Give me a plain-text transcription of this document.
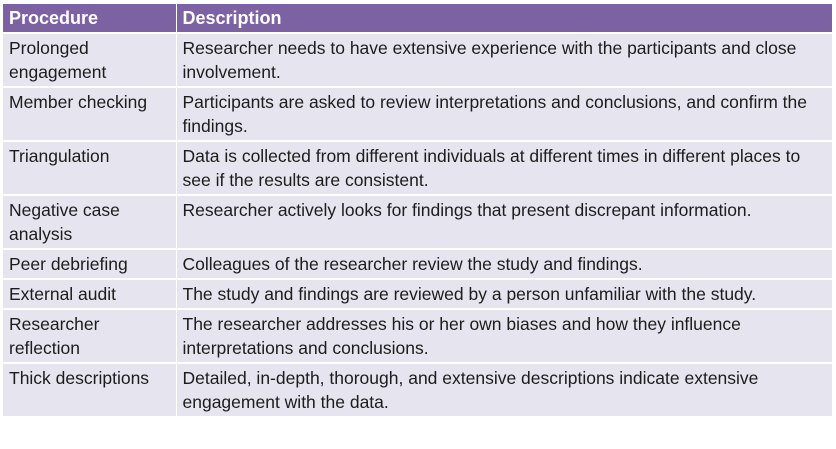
Procedure	Description
Prolonged engagement	Researcher needs to have extensive experience with the participants and close involvement.
Member checking	Participants are asked to review interpretations and conclusions, and confirm the findings.
Triangulation	Data is collected from different individuals at different times in different places to see if the results are consistent.
Negative case analysis	Researcher actively looks for findings that present discrepant information.
Peer debriefing	Colleagues of the researcher review the study and findings.
External audit	The study and findings are reviewed by a person unfamiliar with the study.
Researcher reflection	The researcher addresses his or her own biases and how they influence interpretations and conclusions.
Thick descriptions	Detailed, in-depth, thorough, and extensive descriptions indicate extensive engagement with the data.
